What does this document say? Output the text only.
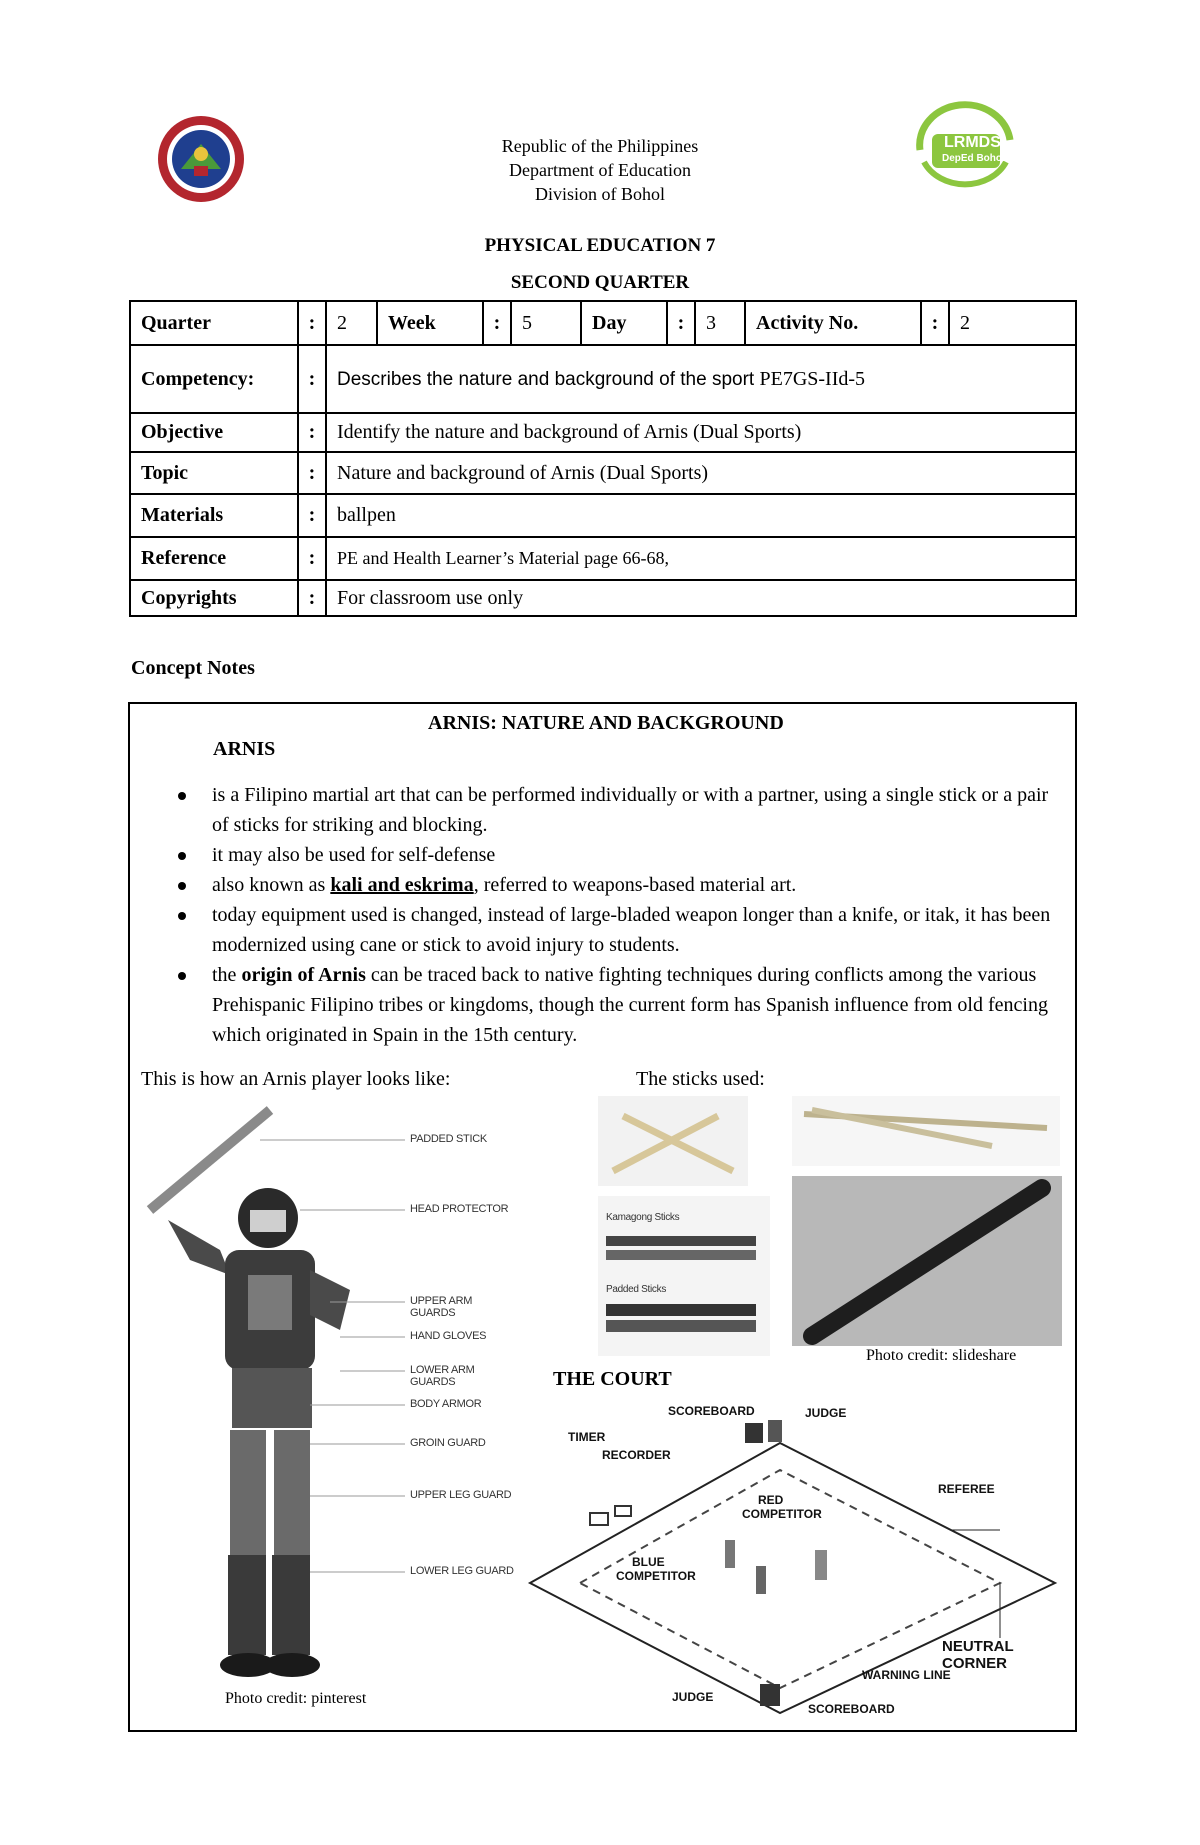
LRMDS
DepEd Bohol
Republic of the Philippines
Department of Education
Division of Bohol
PHYSICAL EDUCATION 7
SECOND QUARTER
Quarter	:	2	Week	:	5	Day	:	3	Activity No.	:	2
Competency:	:	Describes the nature and background of the sport PE7GS-IId-5									
Objective	:	Identify the nature and background of Arnis (Dual Sports)									
Topic	:	Nature and background of Arnis (Dual Sports)									
Materials	:	ballpen									
Reference	:	PE and Health Learner’s Material page 66-68,									
Copyrights	:	For classroom use only									
Concept Notes
ARNIS: NATURE AND BACKGROUND
ARNIS
is a Filipino martial art that can be performed individually or with a partner, using a single stick or a pair of sticks for striking and blocking.
it may also be used for self-defense
also known as kali and eskrima, referred to weapons-based material art.
today equipment used is changed, instead of large-bladed weapon longer than a knife, or itak, it has been modernized using cane or stick to avoid injury to students.
the origin of Arnis can be traced back to native fighting techniques during conflicts among the various Prehispanic Filipino tribes or kingdoms, though the current form has Spanish influence from old fencing which originated in Spain in the 15th century.
This is how an Arnis player looks like:	The sticks used:
PADDED STICK
HEAD PROTECTOR
UPPER ARM GUARDS
HAND GLOVES
LOWER ARM GUARDS
BODY ARMOR
GROIN GUARD
UPPER LEG GUARD
LOWER LEG GUARD
Photo credit: pinterest
Kamagong Sticks
Padded Sticks
Photo credit: slideshare
THE COURT
SCOREBOARD	JUDGE
TIMER
RECORDER
REFEREE
RED
COMPETITOR
BLUE
COMPETITOR
NEUTRAL CORNER
WARNING LINE
JUDGE
SCOREBOARD
